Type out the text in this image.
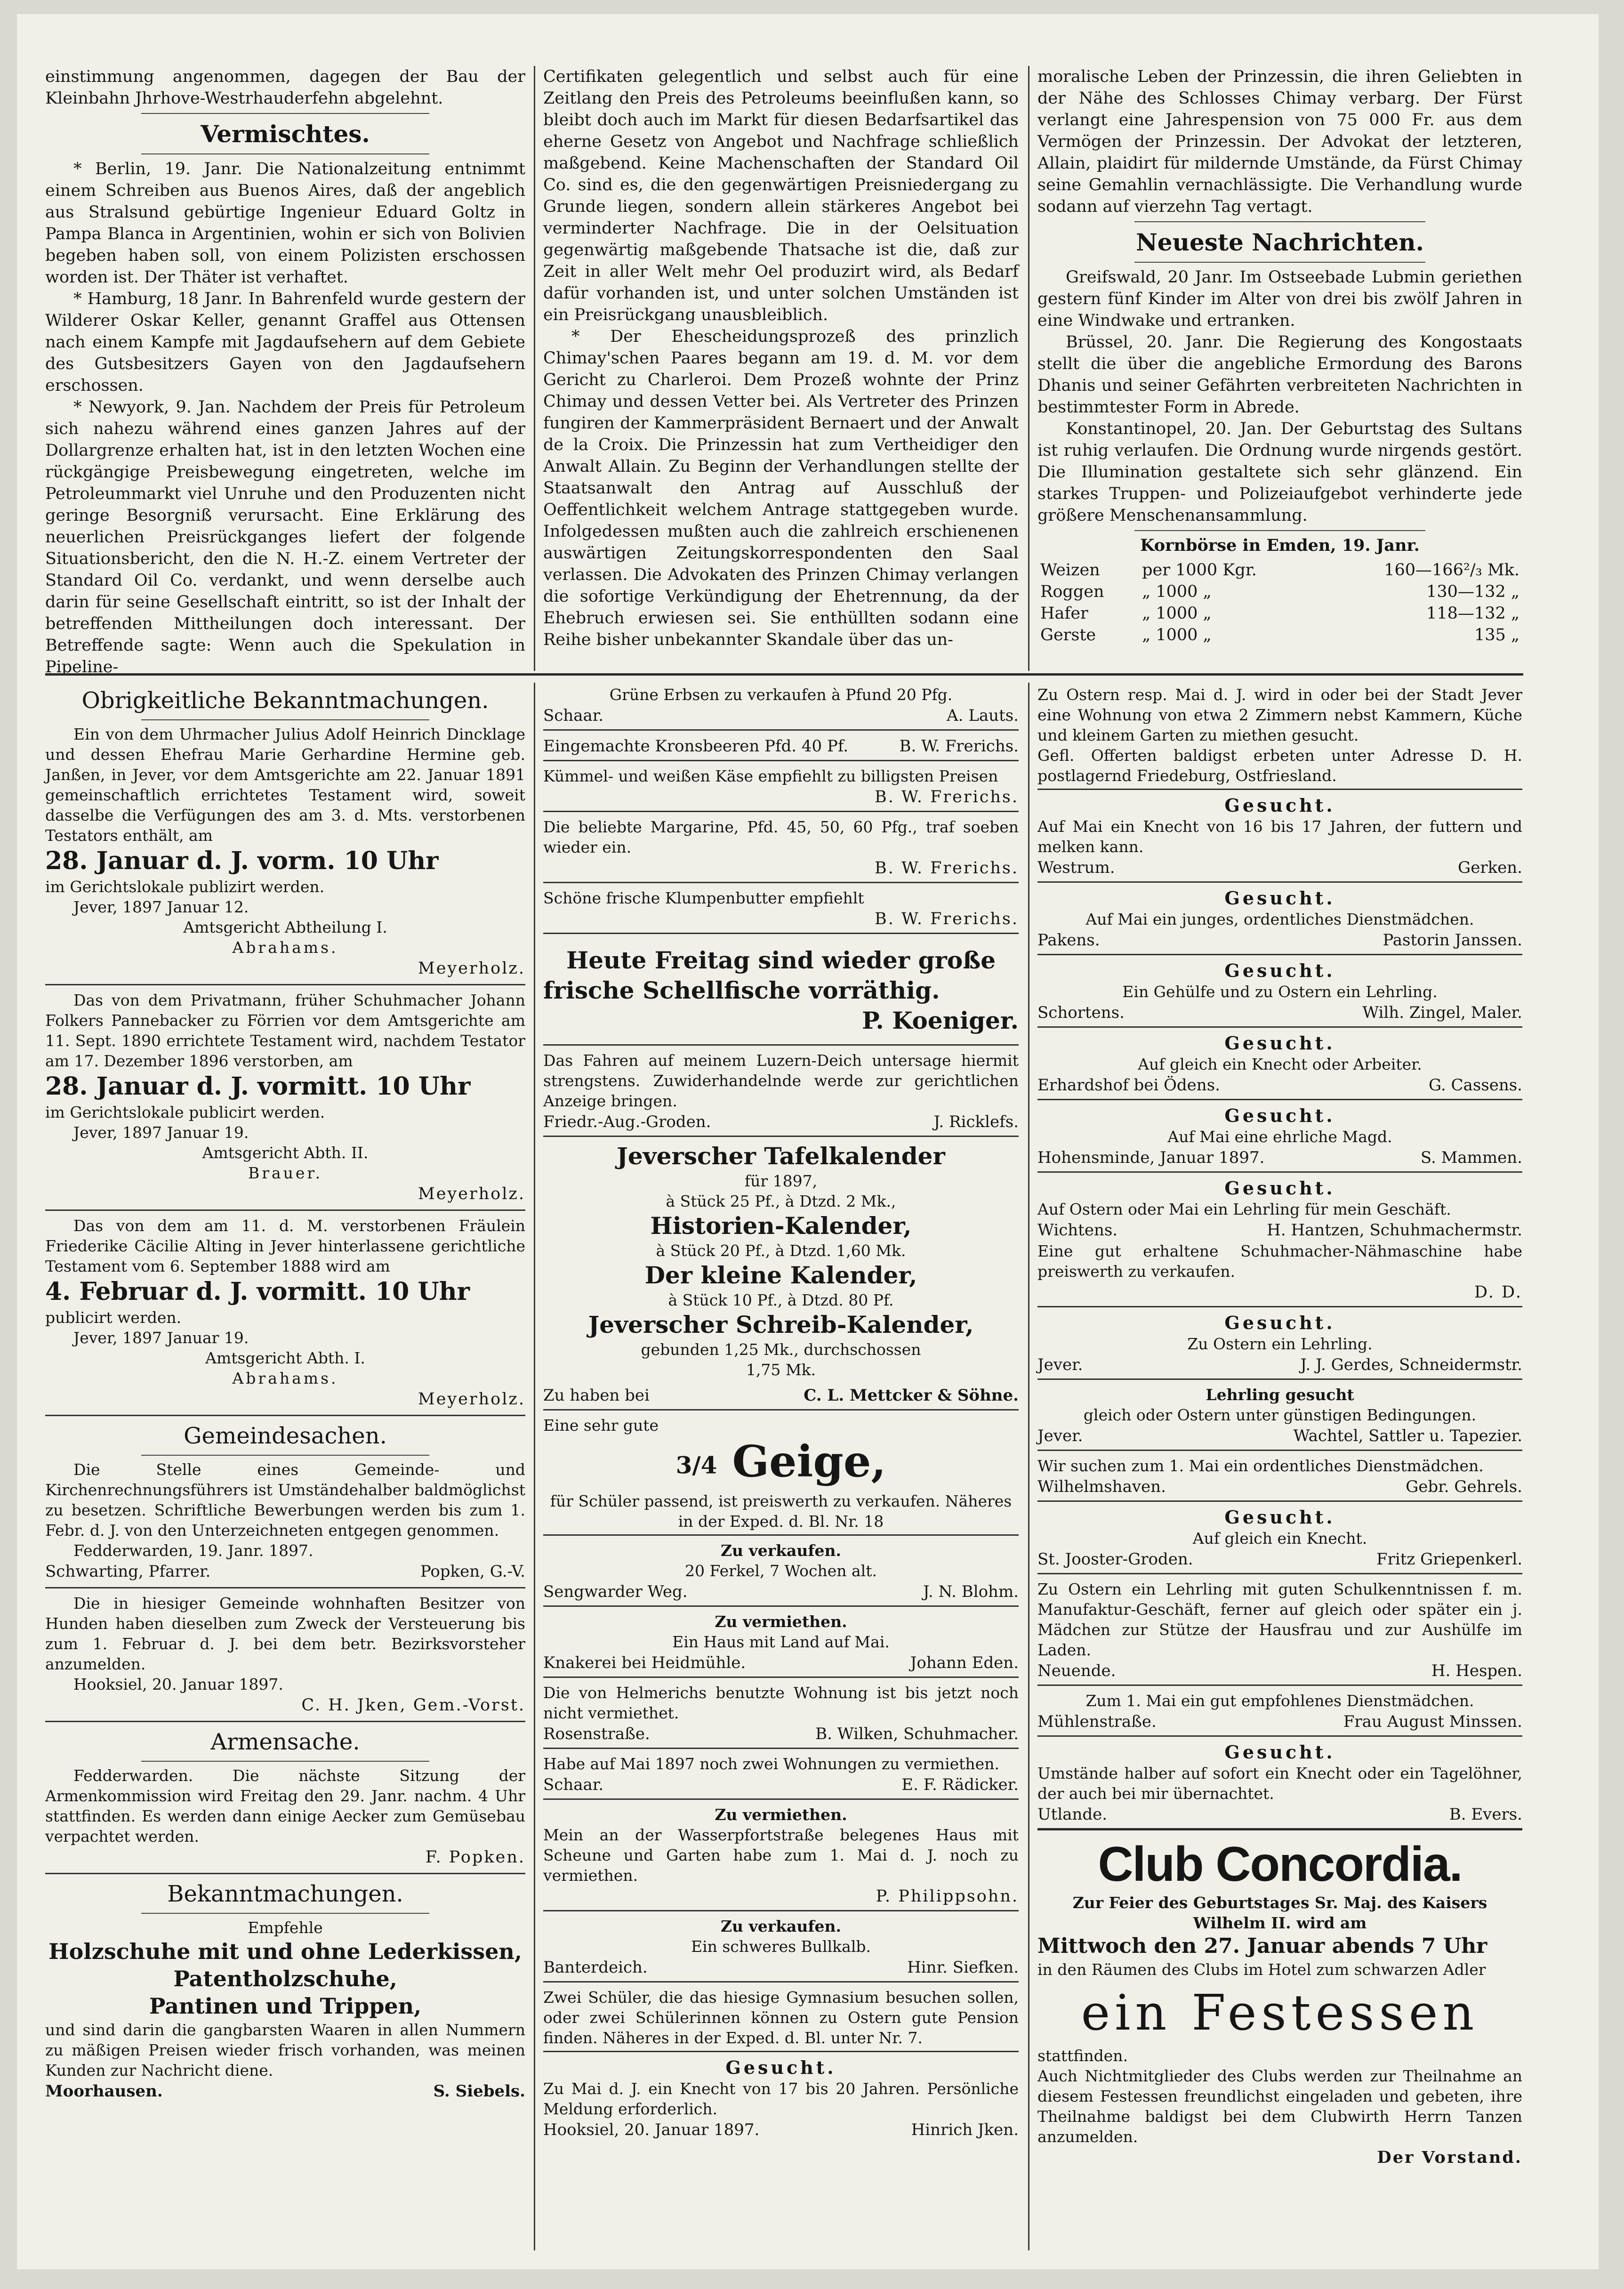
einstimmung angenommen, dagegen der Bau der Kleinbahn Jhrhove-Westrhauderfehn abgelehnt.

Vermischtes.

* Berlin, 19. Janr. Die Nationalzeitung entnimmt einem Schreiben aus Buenos Aires, daß der angeblich aus Stralsund gebürtige Ingenieur Eduard Goltz in Pampa Blanca in Argentinien, wohin er sich von Bolivien begeben haben soll, von einem Polizisten erschossen worden ist. Der Thäter ist verhaftet.

* Hamburg, 18 Janr. In Bahrenfeld wurde gestern der Wilderer Oskar Keller, genannt Graffel aus Ottensen nach einem Kampfe mit Jagdaufsehern auf dem Gebiete des Gutsbesitzers Gayen von den Jagdaufsehern erschossen.

* Newyork, 9. Jan. Nachdem der Preis für Petroleum sich nahezu während eines ganzen Jahres auf der Dollargrenze erhalten hat, ist in den letzten Wochen eine rückgängige Preisbewegung eingetreten, welche im Petroleummarkt viel Unruhe und den Produzenten nicht geringe Besorgniß verursacht. Eine Erklärung des neuerlichen Preisrückganges liefert der folgende Situationsbericht, den die N. H.-Z. einem Vertreter der Standard Oil Co. verdankt, und wenn derselbe auch darin für seine Gesellschaft eintritt, so ist der Inhalt der betreffenden Mittheilungen doch interessant. Der Betreffende sagte: Wenn auch die Spekulation in Pipeline-

Certifikaten gelegentlich und selbst auch für eine Zeitlang den Preis des Petroleums beeinflußen kann, so bleibt doch auch im Markt für diesen Bedarfsartikel das eherne Gesetz von Angebot und Nachfrage schließlich maßgebend. Keine Machenschaften der Standard Oil Co. sind es, die den gegenwärtigen Preisniedergang zu Grunde liegen, sondern allein stärkeres Angebot bei verminderter Nachfrage. Die in der Oelsituation gegenwärtig maßgebende Thatsache ist die, daß zur Zeit in aller Welt mehr Oel produzirt wird, als Bedarf dafür vorhanden ist, und unter solchen Umständen ist ein Preisrückgang unausbleiblich.

* Der Ehescheidungsprozeß des prinzlich Chimay'schen Paares begann am 19. d. M. vor dem Gericht zu Charleroi. Dem Prozeß wohnte der Prinz Chimay und dessen Vetter bei. Als Vertreter des Prinzen fungiren der Kammerpräsident Bernaert und der Anwalt de la Croix. Die Prinzessin hat zum Vertheidiger den Anwalt Allain. Zu Beginn der Verhandlungen stellte der Staatsanwalt den Antrag auf Ausschluß der Oeffentlichkeit welchem Antrage stattgegeben wurde. Infolgedessen mußten auch die zahlreich erschienenen auswärtigen Zeitungskorrespondenten den Saal verlassen. Die Advokaten des Prinzen Chimay verlangen die sofortige Verkündigung der Ehetrennung, da der Ehebruch erwiesen sei. Sie enthüllten sodann eine Reihe bisher unbekannter Skandale über das un-

moralische Leben der Prinzessin, die ihren Geliebten in der Nähe des Schlosses Chimay verbarg. Der Fürst verlangt eine Jahrespension von 75 000 Fr. aus dem Vermögen der Prinzessin. Der Advokat der letzteren, Allain, plaidirt für mildernde Umstände, da Fürst Chimay seine Gemahlin vernachlässigte. Die Verhandlung wurde sodann auf vierzehn Tag vertagt.

Neueste Nachrichten.

Greifswald, 20 Janr. Im Ostseebade Lubmin geriethen gestern fünf Kinder im Alter von drei bis zwölf Jahren in eine Windwake und ertranken.

Brüssel, 20. Janr. Die Regierung des Kongostaats stellt die über die angebliche Ermordung des Barons Dhanis und seiner Gefährten verbreiteten Nachrichten in bestimmtester Form in Abrede.

Konstantinopel, 20. Jan. Der Geburtstag des Sultans ist ruhig verlaufen. Die Ordnung wurde nirgends gestört. Die Illumination gestaltete sich sehr glänzend. Ein starkes Truppen- und Polizeiaufgebot verhinderte jede größere Menschenansammlung.

Kornbörse in Emden, 19. Janr.
Weizen	per 1000 Kgr.	160—166²/₃ Mk.
Roggen	„ 1000 „	130—132 „
Hafer	„ 1000 „	118—132 „
Gerste	„ 1000 „	135 „
Obrigkeitliche Bekanntmachungen.

Ein von dem Uhrmacher Julius Adolf Heinrich Dincklage und dessen Ehefrau Marie Gerhardine Hermine geb. Janßen, in Jever, vor dem Amtsgerichte am 22. Januar 1891 gemeinschaftlich errichtetes Testament wird, soweit dasselbe die Verfügungen des am 3. d. Mts. verstorbenen Testators enthält, am

28. Januar d. J. vorm. 10 Uhr

im Gerichtslokale publizirt werden.

Jever, 1897 Januar 12.

Amtsgericht Abtheilung I.
Abrahams.
Meyerholz.

Das von dem Privatmann, früher Schuhmacher Johann Folkers Pannebacker zu Förrien vor dem Amtsgerichte am 11. Sept. 1890 errichtete Testament wird, nachdem Testator am 17. Dezember 1896 verstorben, am

28. Januar d. J. vormitt. 10 Uhr

im Gerichtslokale publicirt werden.

Jever, 1897 Januar 19.

Amtsgericht Abth. II.
Brauer.
Meyerholz.

Das von dem am 11. d. M. verstorbenen Fräulein Friederike Cäcilie Alting in Jever hinterlassene gerichtliche Testament vom 6. September 1888 wird am

4. Februar d. J. vormitt. 10 Uhr

publicirt werden.

Jever, 1897 Januar 19.

Amtsgericht Abth. I.
Abrahams.
Meyerholz.
Gemeindesachen.

Die Stelle eines Gemeinde- und Kirchenrechnungsführers ist Umständehalber baldmöglichst zu besetzen. Schriftliche Bewerbungen werden bis zum 1. Febr. d. J. von den Unterzeichneten entgegen genommen.

Fedderwarden, 19. Janr. 1897.

Schwarting, Pfarrer.	Popken, G.-V.

Die in hiesiger Gemeinde wohnhaften Besitzer von Hunden haben dieselben zum Zweck der Versteuerung bis zum 1. Februar d. J. bei dem betr. Bezirksvorsteher anzumelden.

Hooksiel, 20. Januar 1897.

C. H. Jken, Gem.-Vorst.
Armensache.

Fedderwarden. Die nächste Sitzung der Armenkommission wird Freitag den 29. Janr. nachm. 4 Uhr stattfinden. Es werden dann einige Aecker zum Gemüsebau verpachtet werden.

F. Popken.
Bekanntmachungen.
Empfehle
Holzschuhe mit und ohne Lederkissen,
Patentholzschuhe,
Pantinen und Trippen,

und sind darin die gangbarsten Waaren in allen Nummern zu mäßigen Preisen wieder frisch vorhanden, was meinen Kunden zur Nachricht diene.

Moorhausen.	S. Siebels.
Grüne Erbsen zu verkaufen à Pfund 20 Pfg.
Schaar.	A. Lauts.
Eingemachte Kronsbeeren Pfd. 40 Pf.	B. W. Frerichs.
Kümmel- und weißen Käse empfiehlt zu billigsten Preisen
B. W. Frerichs.
Die beliebte Margarine, Pfd. 45, 50, 60 Pfg., traf soeben wieder ein.
B. W. Frerichs.
Schöne frische Klumpenbutter empfiehlt
B. W. Frerichs.
Heute Freitag sind wieder große
frische Schellfische vorräthig.
P. Koeniger.

Das Fahren auf meinem Luzern-Deich untersage hiermit strengstens. Zuwiderhandelnde werde zur gerichtlichen Anzeige bringen.

Friedr.-Aug.-Groden.	J. Ricklefs.
Jeverscher Tafelkalender
für 1897,
à Stück 25 Pf., à Dtzd. 2 Mk.,
Historien-Kalender,
à Stück 20 Pf., à Dtzd. 1,60 Mk.
Der kleine Kalender,
à Stück 10 Pf., à Dtzd. 80 Pf.
Jeverscher Schreib-Kalender,
gebunden 1,25 Mk., durchschossen
1,75 Mk.
Zu haben bei	C. L. Mettcker & Söhne.
Eine sehr gute
3/4 Geige,

für Schüler passend, ist preiswerth zu verkaufen. Näheres in der Exped. d. Bl. Nr. 18

Zu verkaufen.
20 Ferkel, 7 Wochen alt.
Sengwarder Weg.	J. N. Blohm.
Zu vermiethen.
Ein Haus mit Land auf Mai.
Knakerei bei Heidmühle.	Johann Eden.

Die von Helmerichs benutzte Wohnung ist bis jetzt noch nicht vermiethet.

Rosenstraße.	B. Wilken, Schuhmacher.

Habe auf Mai 1897 noch zwei Wohnungen zu vermiethen.

Schaar.	E. F. Rädicker.
Zu vermiethen.

Mein an der Wasserpfortstraße belegenes Haus mit Scheune und Garten habe zum 1. Mai d. J. noch zu vermiethen.

P. Philippsohn.
Zu verkaufen.
Ein schweres Bullkalb.
Banterdeich.	Hinr. Siefken.

Zwei Schüler, die das hiesige Gymnasium besuchen sollen, oder zwei Schülerinnen können zu Ostern gute Pension finden. Näheres in der Exped. d. Bl. unter Nr. 7.

Gesucht.

Zu Mai d. J. ein Knecht von 17 bis 20 Jahren. Persönliche Meldung erforderlich.

Hooksiel, 20. Januar 1897.	Hinrich Jken.

Zu Ostern resp. Mai d. J. wird in oder bei der Stadt Jever eine Wohnung von etwa 2 Zimmern nebst Kammern, Küche und kleinem Garten zu miethen gesucht.

Gefl. Offerten baldigst erbeten unter Adresse D. H. postlagernd Friedeburg, Ostfriesland.

Gesucht.

Auf Mai ein Knecht von 16 bis 17 Jahren, der futtern und melken kann.

Westrum.	Gerken.
Gesucht.
Auf Mai ein junges, ordentliches Dienstmädchen.
Pakens.	Pastorin Janssen.
Gesucht.
Ein Gehülfe und zu Ostern ein Lehrling.
Schortens.	Wilh. Zingel, Maler.
Gesucht.
Auf gleich ein Knecht oder Arbeiter.
Erhardshof bei Ödens.	G. Cassens.
Gesucht.
Auf Mai eine ehrliche Magd.
Hohensminde, Januar 1897.	S. Mammen.
Gesucht.

Auf Ostern oder Mai ein Lehrling für mein Geschäft.

Wichtens.	H. Hantzen, Schuhmachermstr.

Eine gut erhaltene Schuhmacher-Nähmaschine habe preiswerth zu verkaufen.

D. D.
Gesucht.
Zu Ostern ein Lehrling.
Jever.	J. J. Gerdes, Schneidermstr.
Lehrling gesucht
gleich oder Ostern unter günstigen Bedingungen.
Jever.	Wachtel, Sattler u. Tapezier.

Wir suchen zum 1. Mai ein ordentliches Dienstmädchen.

Wilhelmshaven.	Gebr. Gehrels.
Gesucht.
Auf gleich ein Knecht.
St. Jooster-Groden.	Fritz Griepenkerl.

Zu Ostern ein Lehrling mit guten Schulkenntnissen f. m. Manufaktur-Geschäft, ferner auf gleich oder später ein j. Mädchen zur Stütze der Hausfrau und zur Aushülfe im Laden.

Neuende.	H. Hespen.
Zum 1. Mai ein gut empfohlenes Dienstmädchen.
Mühlenstraße.	Frau August Minssen.
Gesucht.

Umstände halber auf sofort ein Knecht oder ein Tagelöhner, der auch bei mir übernachtet.

Utlande.	B. Evers.
Club Concordia.

Zur Feier des Geburtstages Sr. Maj. des Kaisers Wilhelm II. wird am

Mittwoch den 27. Januar abends 7 Uhr

in den Räumen des Clubs im Hotel zum schwarzen Adler

ein Festessen
stattfinden.

Auch Nichtmitglieder des Clubs werden zur Theilnahme an diesem Festessen freundlichst eingeladen und gebeten, ihre Theilnahme baldigst bei dem Clubwirth Herrn Tanzen anzumelden.

Der Vorstand.
